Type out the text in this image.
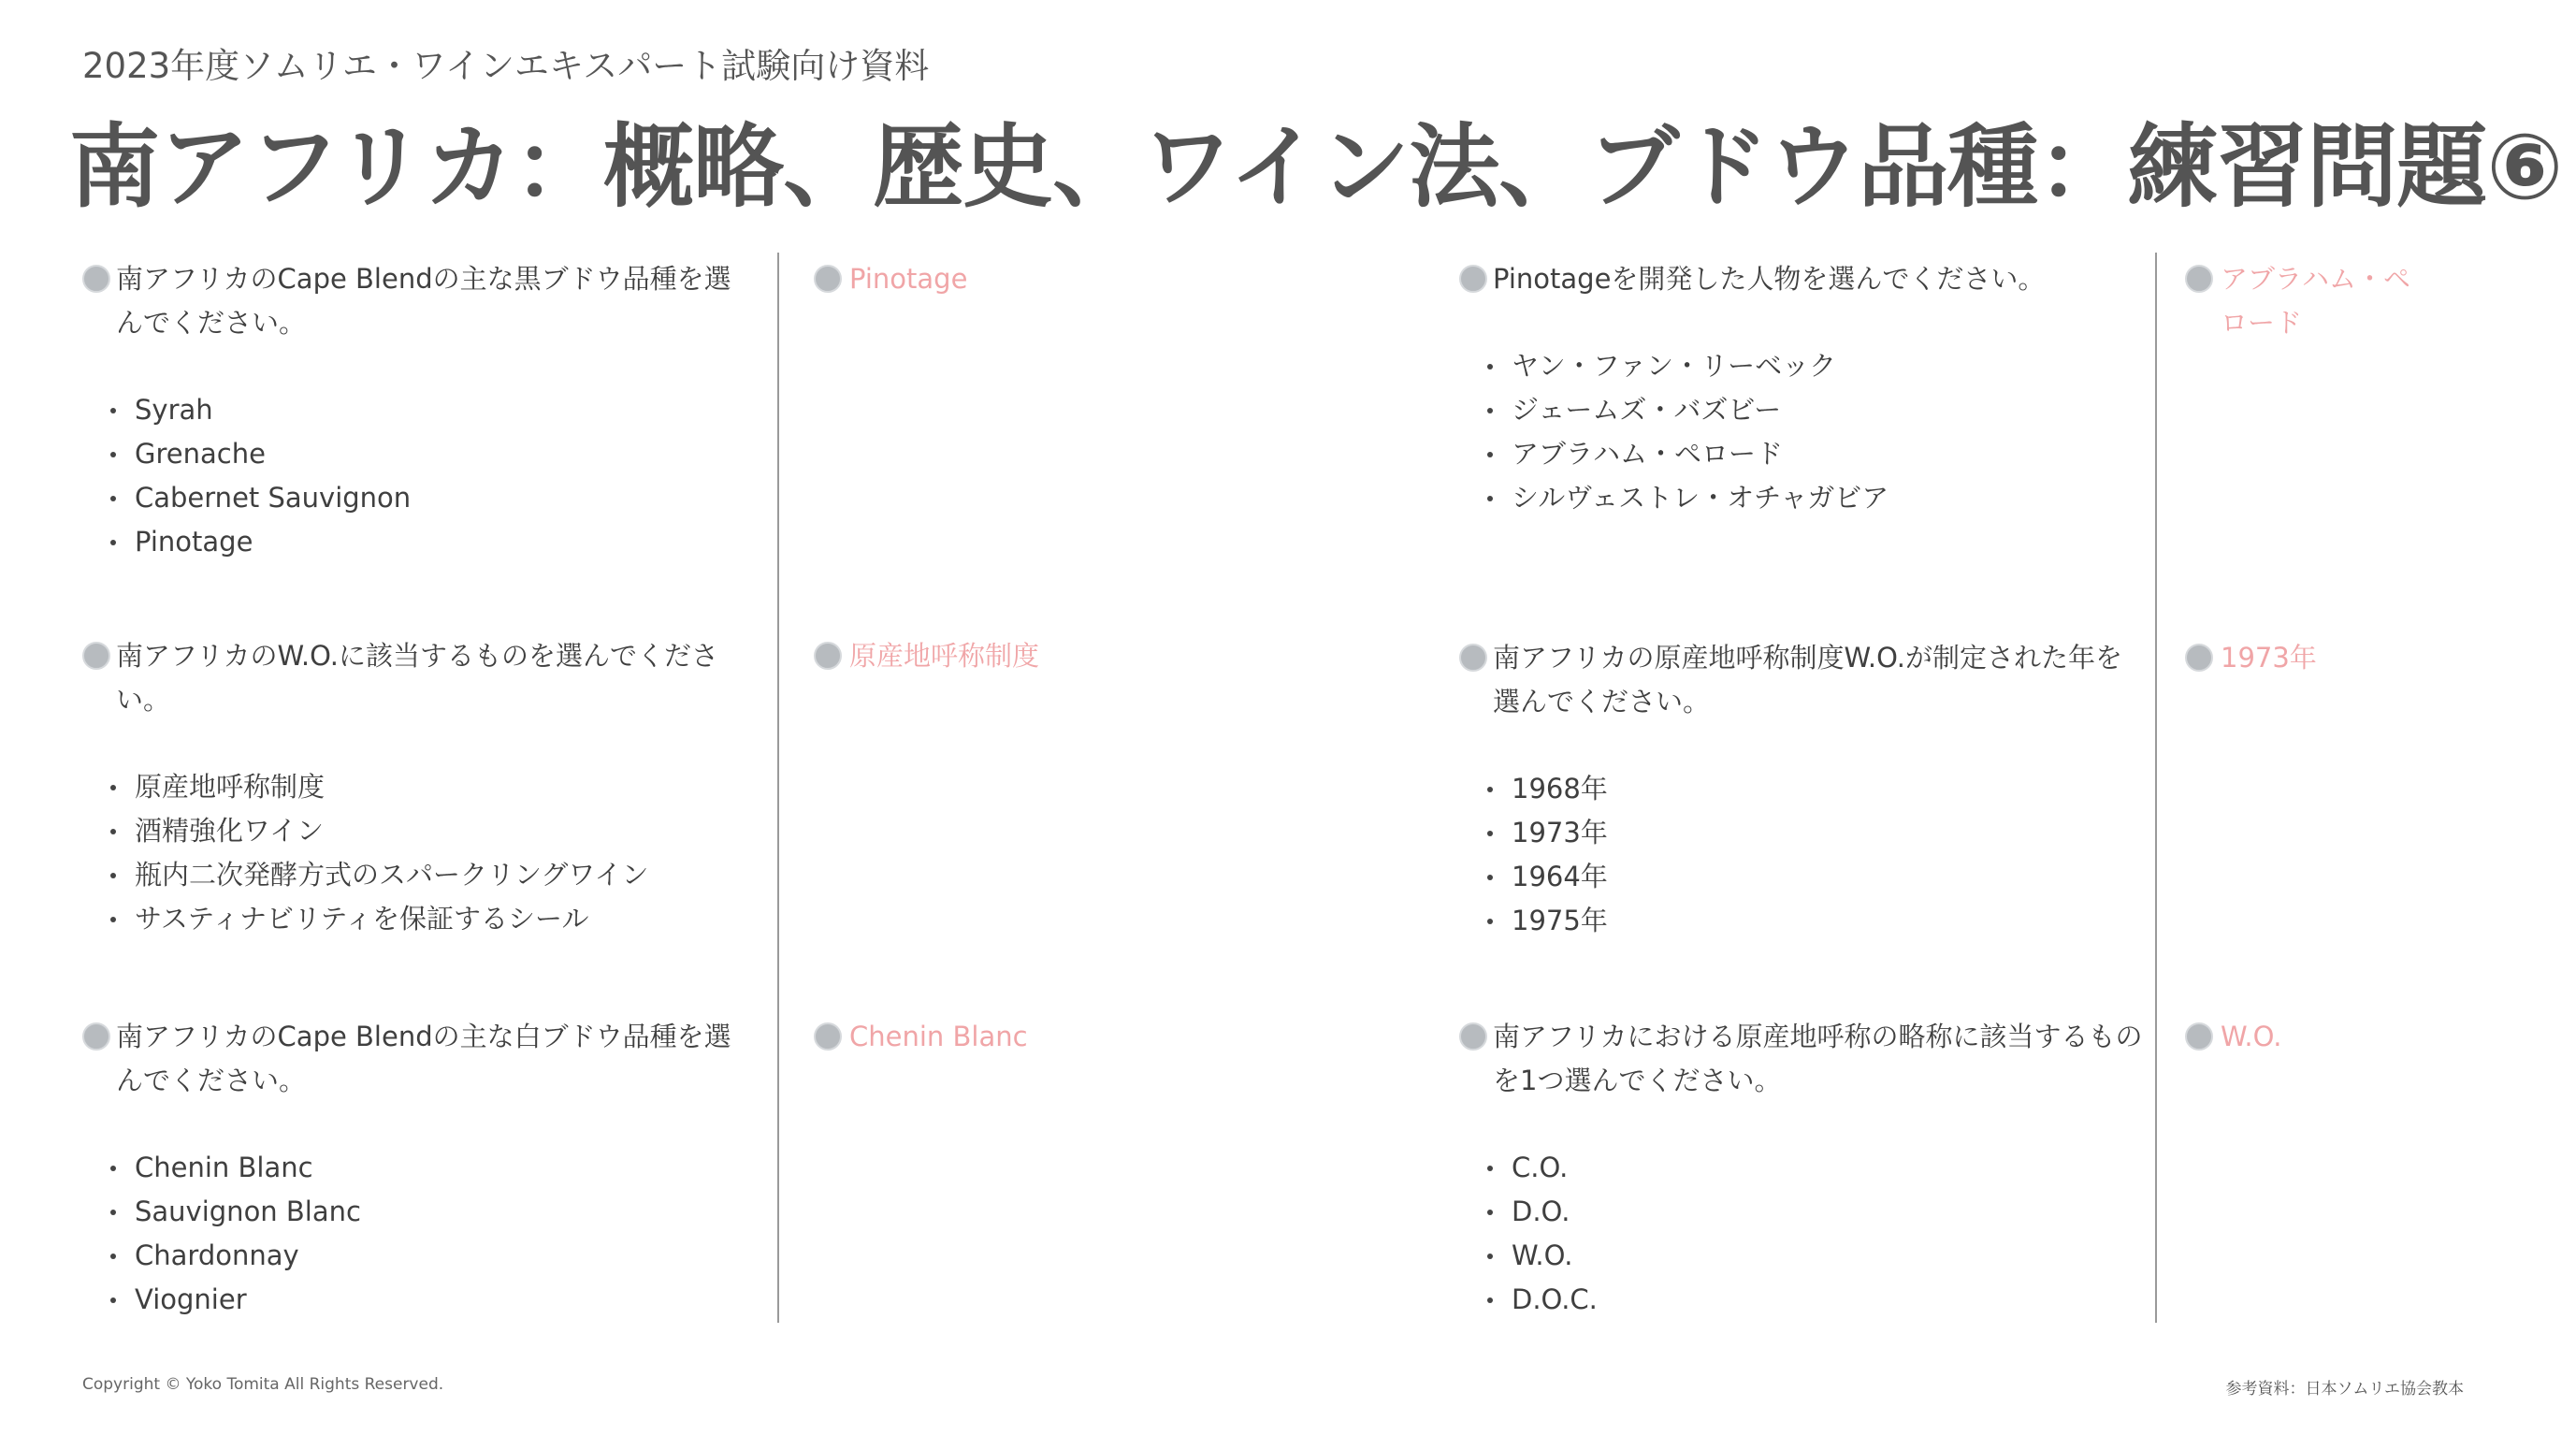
2023年度ソムリエ・ワインエキスパート試験向け資料
南アフリカ：概略、歴史、ワイン法、ブドウ品種：練習問題⑥
南アフリカのCape Blendの主な黒ブドウ品種を選んでください。
Syrah
Grenache
Cabernet Sauvignon
Pinotage
南アフリカのW.O.に該当するものを選んでください。
原産地呼称制度
酒精強化ワイン
瓶内二次発酵方式のスパークリングワイン
サスティナビリティを保証するシール
南アフリカのCape Blendの主な白ブドウ品種を選んでください。
Chenin Blanc
Sauvignon Blanc
Chardonnay
Viognier
Pinotage
原産地呼称制度
Chenin Blanc
Pinotageを開発した人物を選んでください。
ヤン・ファン・リーベック
ジェームズ・バズビー
アブラハム・ペロード
シルヴェストレ・オチャガビア
南アフリカの原産地呼称制度W.O.が制定された年を選んでください。
1968年
1973年
1964年
1975年
南アフリカにおける原産地呼称の略称に該当するものを1つ選んでください。
C.O.
D.O.
W.O.
D.O.C.
アブラハム・ペロード
1973年
W.O.
Copyright © Yoko Tomita All Rights Reserved.	参考資料：日本ソムリエ協会教本
